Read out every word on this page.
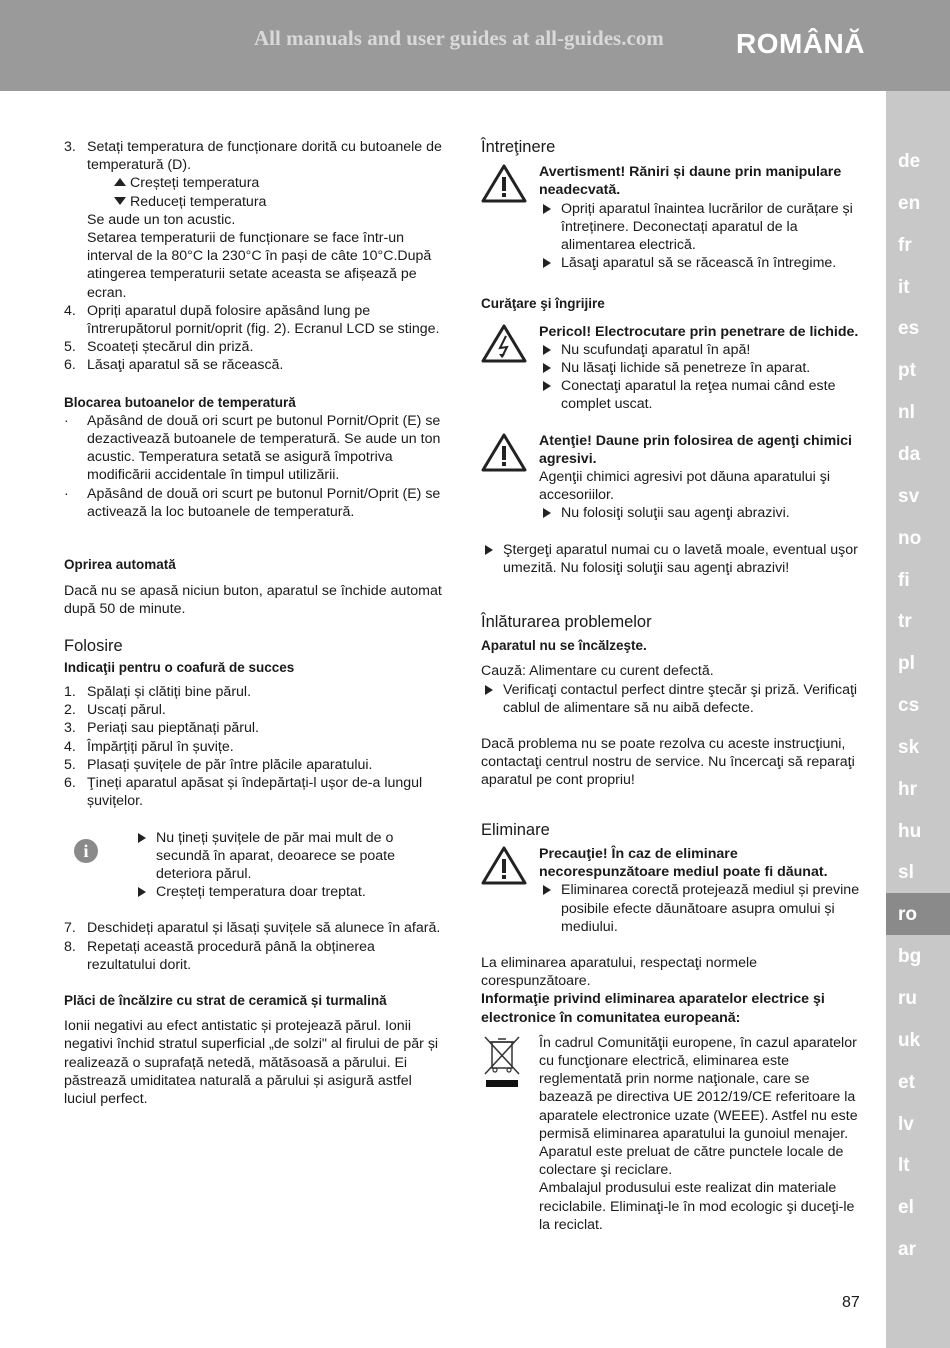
All manuals and user guides at all-guides.com	ROMÂNĂ
de
en
fr
it
es
pt
nl
da
sv
no
fi
tr
pl
cs
sk
hr
hu
sl
ro
bg
ru
uk
et
lv
lt
el
ar
3. Setați temperatura de funcționare dorită cu butoanele de temperatură (D).

Creșteți temperatura

Reduceți temperatura

Se aude un ton acustic.

Setarea temperaturii de funcționare se face într-un interval de la 80°C la 230°C în pași de câte 10°C.După atingerea temperaturii setate aceasta se afișează pe ecran.

4. Opriți aparatul după folosire apăsând lung pe întrerupătorul pornit/oprit (fig. 2). Ecranul LCD se stinge.
5. Scoateți ștecărul din priză.
6. Lăsaţi aparatul să se răcească.

Blocarea butoanelor de temperatură

·	Apăsând de două ori scurt pe butonul Pornit/Oprit (E) se dezactivează butoanele de temperatură. Se aude un ton acustic. Temperatura setată se asigură împotriva modificării accidentale în timpul utilizării.
·	Apăsând de două ori scurt pe butonul Pornit/Oprit (E) se activează la loc butoanele de temperatură.

Oprirea automată

Dacă nu se apasă niciun buton, aparatul se închide automat după 50 de minute.

Folosire

Indicaţii pentru o coafură de succes

1. Spălați și clătiți bine părul.
2. Uscați părul.
3. Periați sau pieptănați părul.
4. Împărțiți părul în șuvițe.
5. Plasați șuvițele de păr între plăcile aparatului.
6. Ţineți aparatul apăsat și îndepărtați-l ușor de-a lungul șuvițelor.
i
Nu țineți șuvițele de păr mai mult de o secundă în aparat, deoarece se poate deteriora părul.
Creșteți temperatura doar treptat.
7. Deschideți aparatul și lăsați șuvițele să alunece în afară.
8. Repetați această procedură până la obținerea rezultatului dorit.

Plăci de încălzire cu strat de ceramică și turmalină

Ionii negativi au efect antistatic și protejează părul. Ionii negativi închid stratul superficial „de solzi" al firului de păr și realizează o suprafață netedă, mătăsoasă a părului. Ei păstrează umiditatea naturală a părului și asigură astfel luciul perfect.

Întreţinere

Avertisment! Răniri și daune prin manipulare neadecvată.

Opriți aparatul înaintea lucrărilor de curățare și întreținere. Deconectați aparatul de la alimentarea electrică.
Lăsaţi aparatul să se răcească în întregime.

Curăţare şi îngrijire

Pericol! Electrocutare prin penetrare de lichide.

Nu scufundaţi aparatul în apă!
Nu lăsaţi lichide să penetreze în aparat.
Conectaţi aparatul la reţea numai când este complet uscat.

Atenţie! Daune prin folosirea de agenţi chimici agresivi.

Agenţii chimici agresivi pot dăuna aparatului şi accesoriilor.

Nu folosiţi soluţii sau agenţi abrazivi.
Ştergeţi aparatul numai cu o lavetă moale, eventual uşor umezită. Nu folosiţi soluţii sau agenţi abrazivi!

Înlăturarea problemelor

Aparatul nu se încălzeşte.

Cauză: Alimentare cu curent defectă.

Verificaţi contactul perfect dintre ştecăr şi priză. Verificaţi cablul de alimentare să nu aibă defecte.

Dacă problema nu se poate rezolva cu aceste instrucţiuni, contactaţi centrul nostru de service. Nu încercaţi să reparaţi aparatul pe cont propriu!

Eliminare

Precauţie! În caz de eliminare necorespunzătoare mediul poate fi dăunat.

Eliminarea corectă protejează mediul și previne posibile efecte dăunătoare asupra omului și mediului.

La eliminarea aparatului, respectaţi normele corespunzătoare.

Informaţie privind eliminarea aparatelor electrice şi electronice în comunitatea europeană:

În cadrul Comunităţii europene, în cazul aparatelor cu funcţionare electrică, eliminarea este reglementată prin norme naţionale, care se bazează pe directiva UE 2012/19/CE referitoare la aparatele electronice uzate (WEEE). Astfel nu este permisă eliminarea aparatului la gunoiul menajer.

Aparatul este preluat de către punctele locale de colectare şi reciclare.

Ambalajul produsului este realizat din materiale reciclabile. Eliminaţi-le în mod ecologic şi duceţi-le la reciclat.

87
